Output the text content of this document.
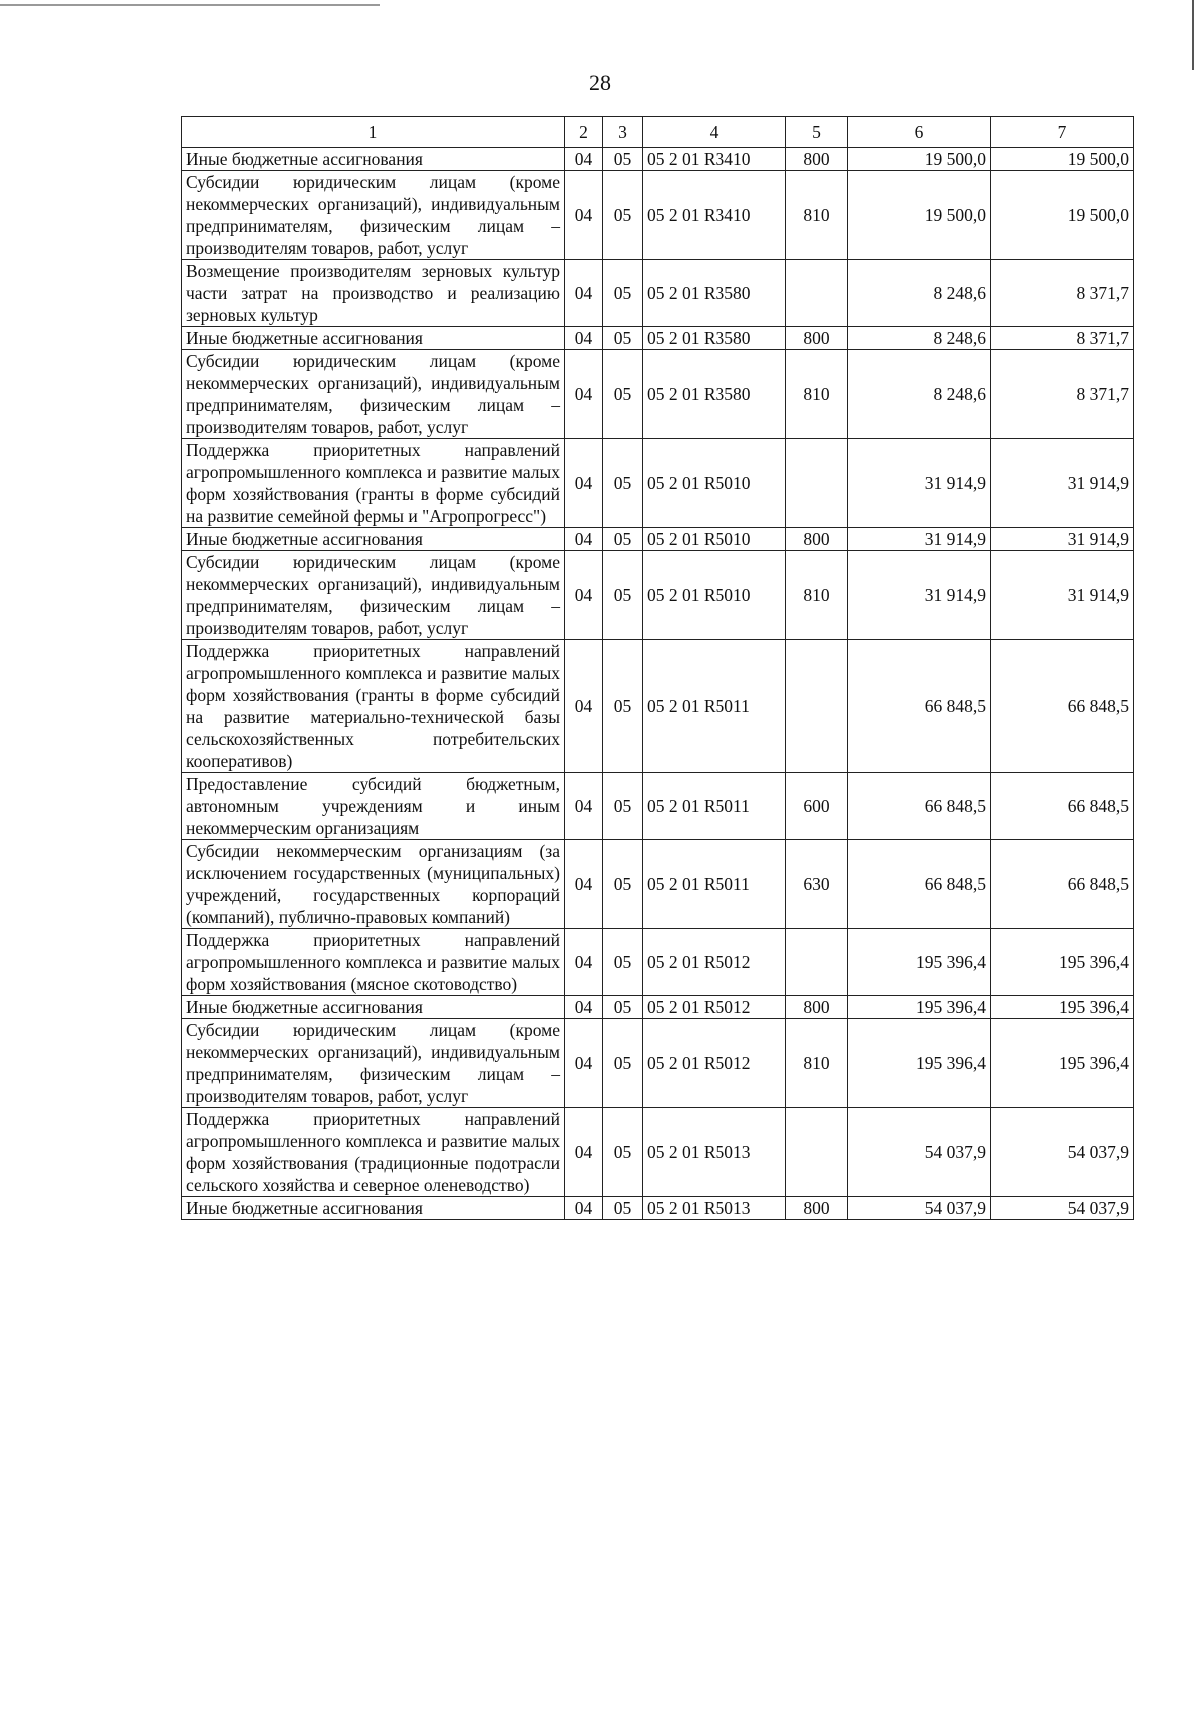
28
1	2	3	4	5	6	7
Иные бюджетные ассигнования	04	05	05 2 01 R3410	800	19 500,0	19 500,0
Субсидии юридическим лицам (кроме некоммерческих организаций), индивидуальным предпринимателям, физическим лицам – производителям товаров, работ, услуг	04	05	05 2 01 R3410	810	19 500,0	19 500,0
Возмещение производителям зерновых культур части затрат на производство и реализацию зерновых культур	04	05	05 2 01 R3580		8 248,6	8 371,7
Иные бюджетные ассигнования	04	05	05 2 01 R3580	800	8 248,6	8 371,7
Субсидии юридическим лицам (кроме некоммерческих организаций), индивидуальным предпринимателям, физическим лицам – производителям товаров, работ, услуг	04	05	05 2 01 R3580	810	8 248,6	8 371,7
Поддержка приоритетных направлений агропромышленного комплекса и развитие малых форм хозяйствования (гранты в форме субсидий на развитие семейной фермы и "Агропрогресс")	04	05	05 2 01 R5010		31 914,9	31 914,9
Иные бюджетные ассигнования	04	05	05 2 01 R5010	800	31 914,9	31 914,9
Субсидии юридическим лицам (кроме некоммерческих организаций), индивидуальным предпринимателям, физическим лицам – производителям товаров, работ, услуг	04	05	05 2 01 R5010	810	31 914,9	31 914,9
Поддержка приоритетных направлений агропромышленного комплекса и развитие малых форм хозяйствования (гранты в форме субсидий на развитие материально-технической базы сельскохозяйственных потребительских кооперативов)	04	05	05 2 01 R5011		66 848,5	66 848,5
Предоставление субсидий бюджетным, автономным учреждениям и иным некоммерческим организациям	04	05	05 2 01 R5011	600	66 848,5	66 848,5
Субсидии некоммерческим организациям (за исключением государственных (муниципальных) учреждений, государственных корпораций (компаний), публично-правовых компаний)	04	05	05 2 01 R5011	630	66 848,5	66 848,5
Поддержка приоритетных направлений агропромышленного комплекса и развитие малых форм хозяйствования (мясное скотоводство)	04	05	05 2 01 R5012		195 396,4	195 396,4
Иные бюджетные ассигнования	04	05	05 2 01 R5012	800	195 396,4	195 396,4
Субсидии юридическим лицам (кроме некоммерческих организаций), индивидуальным предпринимателям, физическим лицам – производителям товаров, работ, услуг	04	05	05 2 01 R5012	810	195 396,4	195 396,4
Поддержка приоритетных направлений агропромышленного комплекса и развитие малых форм хозяйствования (традиционные подотрасли сельского хозяйства и северное оленеводство)	04	05	05 2 01 R5013		54 037,9	54 037,9
Иные бюджетные ассигнования	04	05	05 2 01 R5013	800	54 037,9	54 037,9
